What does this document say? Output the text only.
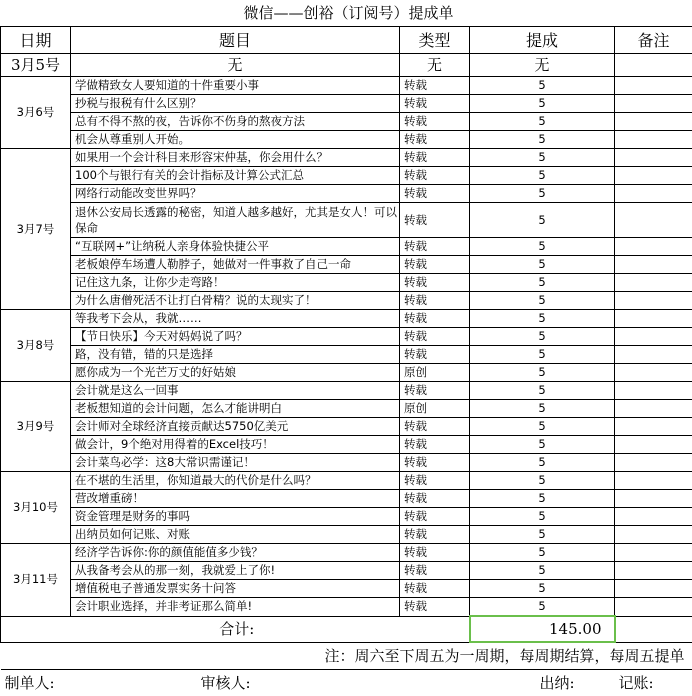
微信——创裕（订阅号）提成单				
日期	题目	类型	提成	备注
3月5号	无	无	无	
3月6号	学做精致女人要知道的十件重要小事	转载	5	
	抄税与报税有什么区别？	转载	5	
	总有不得不熬的夜，告诉你不伤身的熬夜方法	转载	5	
	机会从尊重别人开始。	转载	5	
3月7号	如果用一个会计科目来形容宋仲基，你会用什么？	转载	5	
	100个与银行有关的会计指标及计算公式汇总	转载	5	
	网络行动能改变世界吗？	转载	5	
	退休公安局长透露的秘密，知道人越多越好，尤其是女人！可以保命	转载	5	
	“互联网+”让纳税人亲身体验快捷公平	转载	5	
	老板娘停车场遭人勒脖子，她做对一件事救了自己一命	转载	5	
	记住这九条，让你少走弯路！	转载	5	
	为什么唐僧死活不让打白骨精？说的太现实了！	转载	5	
3月8号	等我考下会从，我就……	转载	5	
	【节日快乐】今天对妈妈说了吗？	转载	5	
	路，没有错，错的只是选择	转载	5	
	愿你成为一个光芒万丈的好姑娘	原创	5	
3月9号	会计就是这么一回事	转载	5	
	老板想知道的会计问题，怎么才能讲明白	原创	5	
	会计师对全球经济直接贡献达5750亿美元	转载	5	
	做会计，9个绝对用得着的Excel技巧！	转载	5	
	会计菜鸟必学：这8大常识需谨记！	转载	5	
3月10号	在不堪的生活里，你知道最大的代价是什么吗？	转载	5	
	营改增重磅！	转载	5	
	资金管理是财务的事吗	转载	5	
	出纳员如何记账、对账	转载	5	
3月11号	经济学告诉你:你的颜值能值多少钱？	转载	5	
	从我备考会从的那一刻，我就爱上了你!	转载	5	
	增值税电子普通发票实务十问答	转载	5	
	会计职业选择，并非考证那么简单!	转载	5	
合计:			145.00	
注：周六至下周五为一周期，每周期结算，每周五提单				
制单人:	审核人:		出纳:	记账:
